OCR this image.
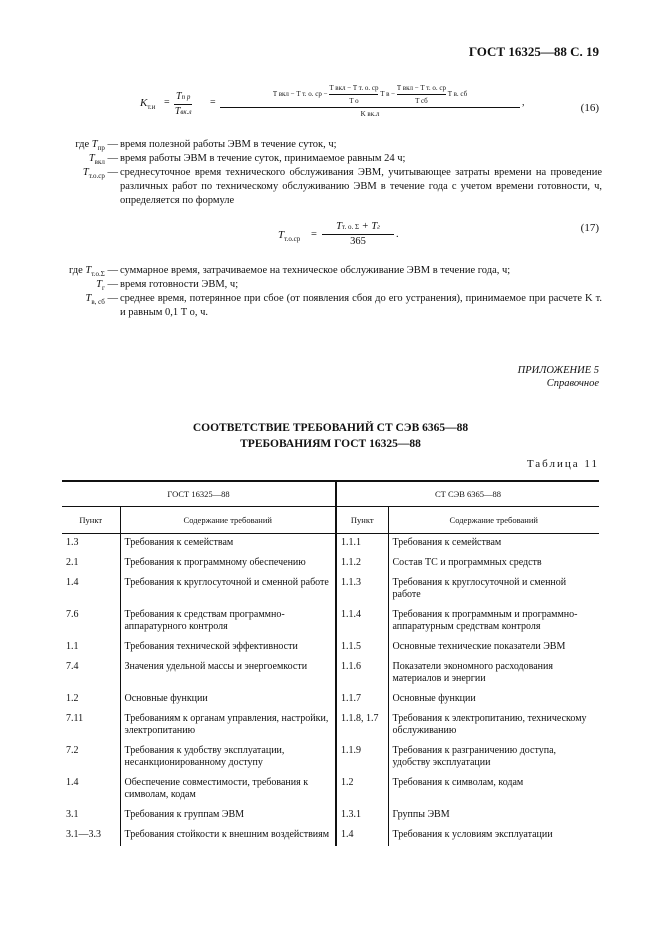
ГОСТ 16325—88 С. 19
$K_{т.и}$ =
Tп р
Tвк.л
=
T вкл − T т. о. ср −
T вкл − T т. о. ср
T о
T в −
T вкл − T т. о. ср
T сб
T в. сб
K вк.л
,	(16)
где $T_{пр}$ — время полезной работы ЭВМ в течение суток, ч;
$T_{вкл}$ — время работы ЭВМ в течение суток, принимаемое равным 24 ч;
$T_{т.о.ср}$ — среднесуточное время технического обслуживания ЭВМ, учитывающее затраты времени на проведение различных работ по техническому обслуживанию ЭВМ в течение года с учетом времени готовности, ч, определяется по формуле
$T_{т.о.ср}$ =
Tт. о. Σ + Tг
365
.
(17)
где $T_{т.о.\Sigma}$ — суммарное время, затрачиваемое на техническое обслуживание ЭВМ в течение года, ч;
$T_г$ — время готовности ЭВМ, ч;
$T_{в, сб}$ — среднее время, потерянное при сбое (от появления сбоя до его устранения), принимаемое при расчете K т. и равным 0,1 T о, ч.
ПРИЛОЖЕНИЕ 5
Справочное
СООТВЕТСТВИЕ ТРЕБОВАНИЙ СТ СЭВ 6365—88
ТРЕБОВАНИЯМ ГОСТ 16325—88
Таблица 11
ГОСТ 16325—88		СТ СЭВ 6365—88	
Пункт	Содержание требований	Пункт	Содержание требований
1.3	Требования к семействам	1.1.1	Требования к семействам
2.1	Требования к программному обеспечению	1.1.2	Состав ТС и программных средств
1.4	Требования к круглосуточной и сменной работе	1.1.3	Требования к круглосуточной и сменной работе
7.6	Требования к средствам программно-аппаратурного контроля	1.1.4	Требования к программным и программно-аппаратурным средствам контроля
1.1	Требования технической эффективности	1.1.5	Основные технические показатели ЭВМ
7.4	Значения удельной массы и энергоемкости	1.1.6	Показатели экономного расходования материалов и энергии
1.2	Основные функции	1.1.7	Основные функции
7.11	Требованиям к органам управления, настройки, электропитанию	1.1.8, 1.7	Требования к электропитанию, техническому обслуживанию
7.2	Требования к удобству эксплуатации, несанкционированному доступу	1.1.9	Требования к разграничению доступа, удобству эксплуатации
1.4	Обеспечение совместимости, требования к символам, кодам	1.2	Требования к символам, кодам
3.1	Требования к группам ЭВМ	1.3.1	Группы ЭВМ
3.1—3.3	Требования стойкости к внешним воздействиям	1.4	Требования к условиям эксплуатации
